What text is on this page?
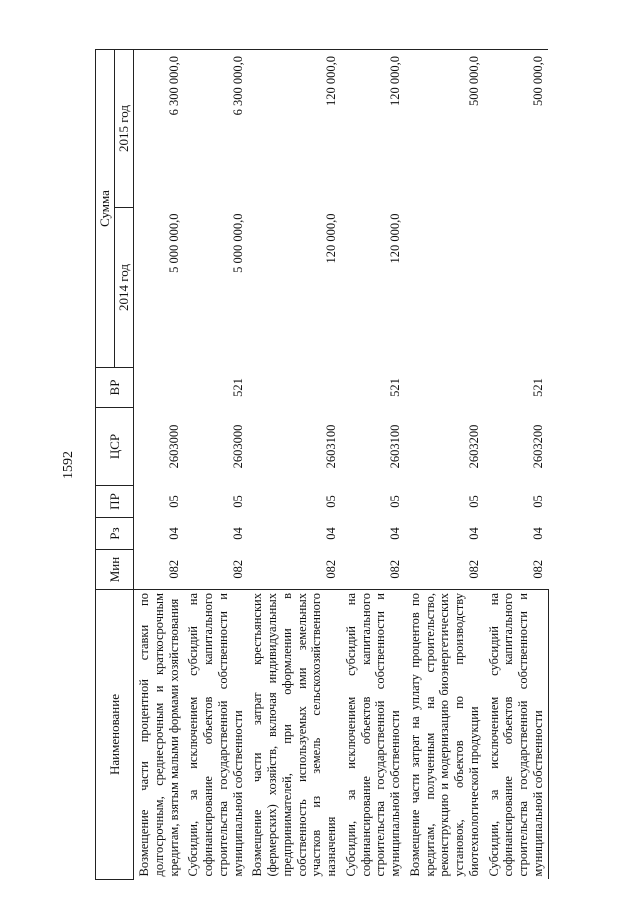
1592
Наименование	Мин	Рз	ПР	ЦСР	ВР	Сумма	
						2014 год	2015 год
Возмещение части процентной ставки по долгосрочным, среднесрочным и краткосрочным кредитам, взятым малыми формами хозяйствования	082	04	05	2603000		5 000 000,0	6 300 000,0
Субсидии, за исключением субсидий на софинансирование объектов капитального строительства государственной собственности и муниципальной собственности	082	04	05	2603000	521	5 000 000,0	6 300 000,0
Возмещение части затрат крестьянских (фермерских) хозяйств, включая индивидуальных предпринимателей, при оформлении в собственность используемых ими земельных участков из земель сельскохозяйственного назначения	082	04	05	2603100		120 000,0	120 000,0
Субсидии, за исключением субсидий на софинансирование объектов капитального строительства государственной собственности и муниципальной собственности	082	04	05	2603100	521	120 000,0	120 000,0
Возмещение части затрат на уплату процентов по кредитам, полученным на строительство, реконструкцию и модернизацию биоэнергетических установок, объектов по производству биотехнологической продукции	082	04	05	2603200			500 000,0
Субсидии, за исключением субсидий на софинансирование объектов капитального строительства государственной собственности и муниципальной собственности	082	04	05	2603200	521		500 000,0
